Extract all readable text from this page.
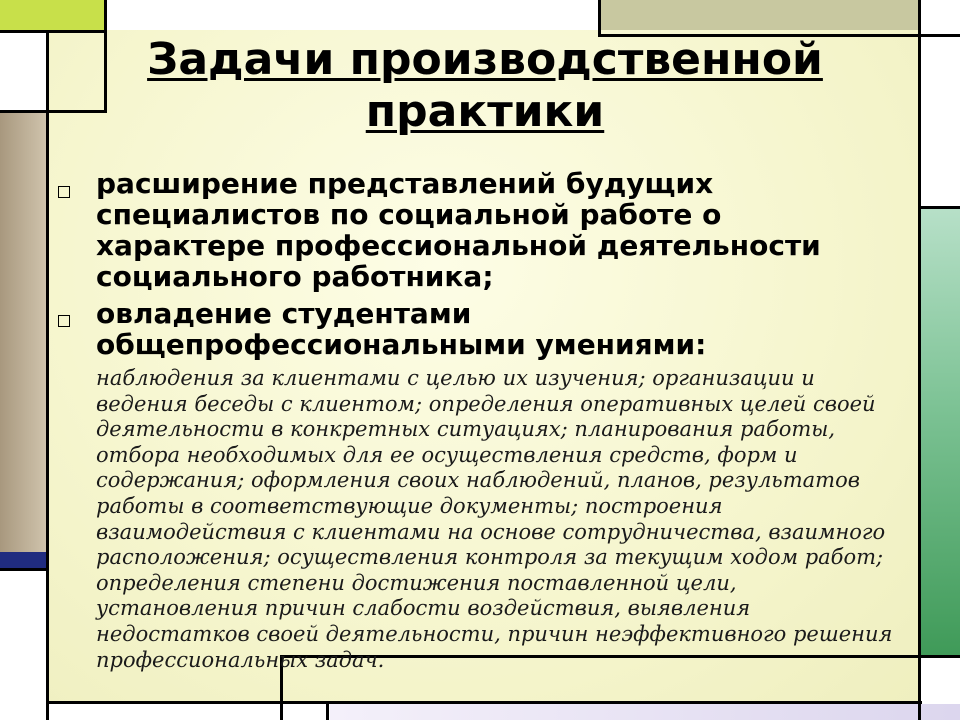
Задачи производственной практики

расширение представлений будущих специалистов по социальной работе о характере профессиональной деятельности социального работника;

овладение студентами общепрофессиональными умениями:

наблюдения за клиентами с целью их изучения; организации и ведения беседы с клиентом; определения оперативных целей своей деятельности в конкретных ситуациях; планирования работы, отбора необходимых для ее осуществления средств, форм и содержания; оформления своих наблюдений, планов, результатов работы в соответствующие документы; построения взаимодействия с клиентами на основе сотрудничества, взаимного расположения; осуществления контроля за текущим ходом работ; определения степени достижения поставленной цели, установления причин слабости воздействия, выявления недостатков своей деятельности, причин неэффективного решения профессиональных задач.
